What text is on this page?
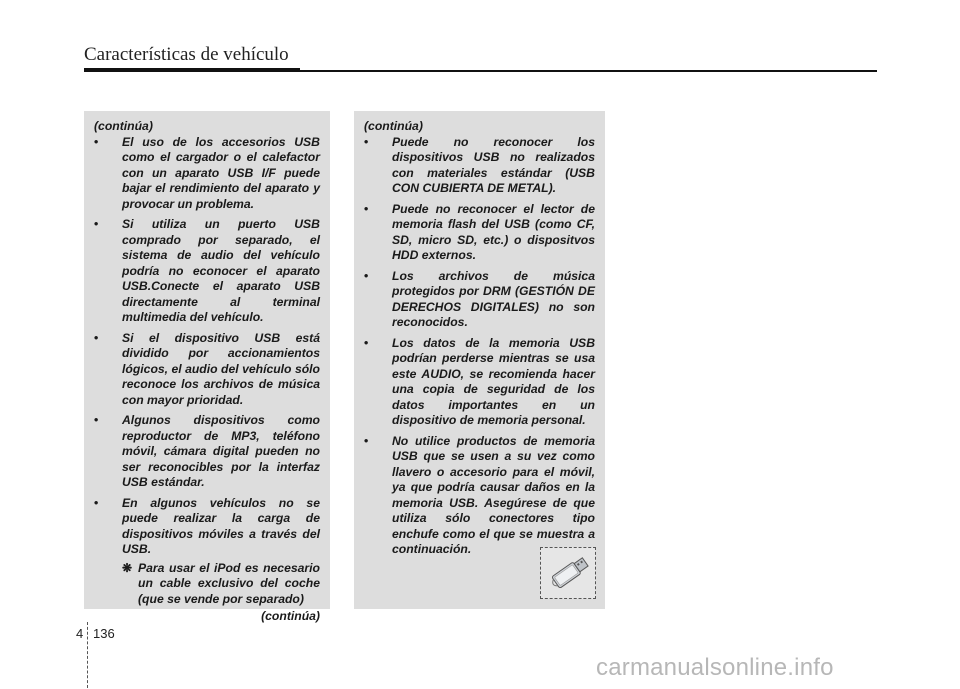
Características de vehículo
(continúa)
• El uso de los accesorios USB como el cargador o el calefactor con un aparato USB I/F puede bajar el rendimiento del aparato y provocar un problema.
• Si utiliza un puerto USB comprado por separado, el sistema de audio del vehículo podría no econocer el aparato USB.Conecte el aparato USB directamente al terminal multimedia del vehículo.
• Si el dispositivo USB está dividido por accionamientos lógicos, el audio del vehículo sólo reconoce los archivos de música con mayor prioridad.
• Algunos dispositivos como reproductor de MP3, teléfono móvil, cámara digital pueden no ser reconocibles por la interfaz USB estándar.
• En algunos vehículos no se puede realizar la carga de dispositivos móviles a través del USB.
❋ Para usar el iPod es necesario un cable exclusivo del coche (que se vende por separado)
(continúa)
(continúa)
• Puede no reconocer los dispositivos USB no realizados con materiales estándar (USB CON CUBIERTA DE METAL).
• Puede no reconocer el lector de memoria flash del USB (como CF, SD, micro SD, etc.) o dispositvos HDD externos.
• Los archivos de música protegidos por DRM (GESTIÓN DE DERECHOS DIGITALES) no son reconocidos.
• Los datos de la memoria USB podrían perderse mientras se usa este AUDIO, se recomienda hacer una copia de seguridad de los datos importantes en un dispositivo de memoria personal.
• No utilice productos de memoria USB que se usen a su vez como llavero o accesorio para el móvil, ya que podría causar daños en la memoria USB. Asegúrese de que utiliza sólo conectores tipo enchufe como el que se muestra a continuación.
4 136
carmanualsonline.info
